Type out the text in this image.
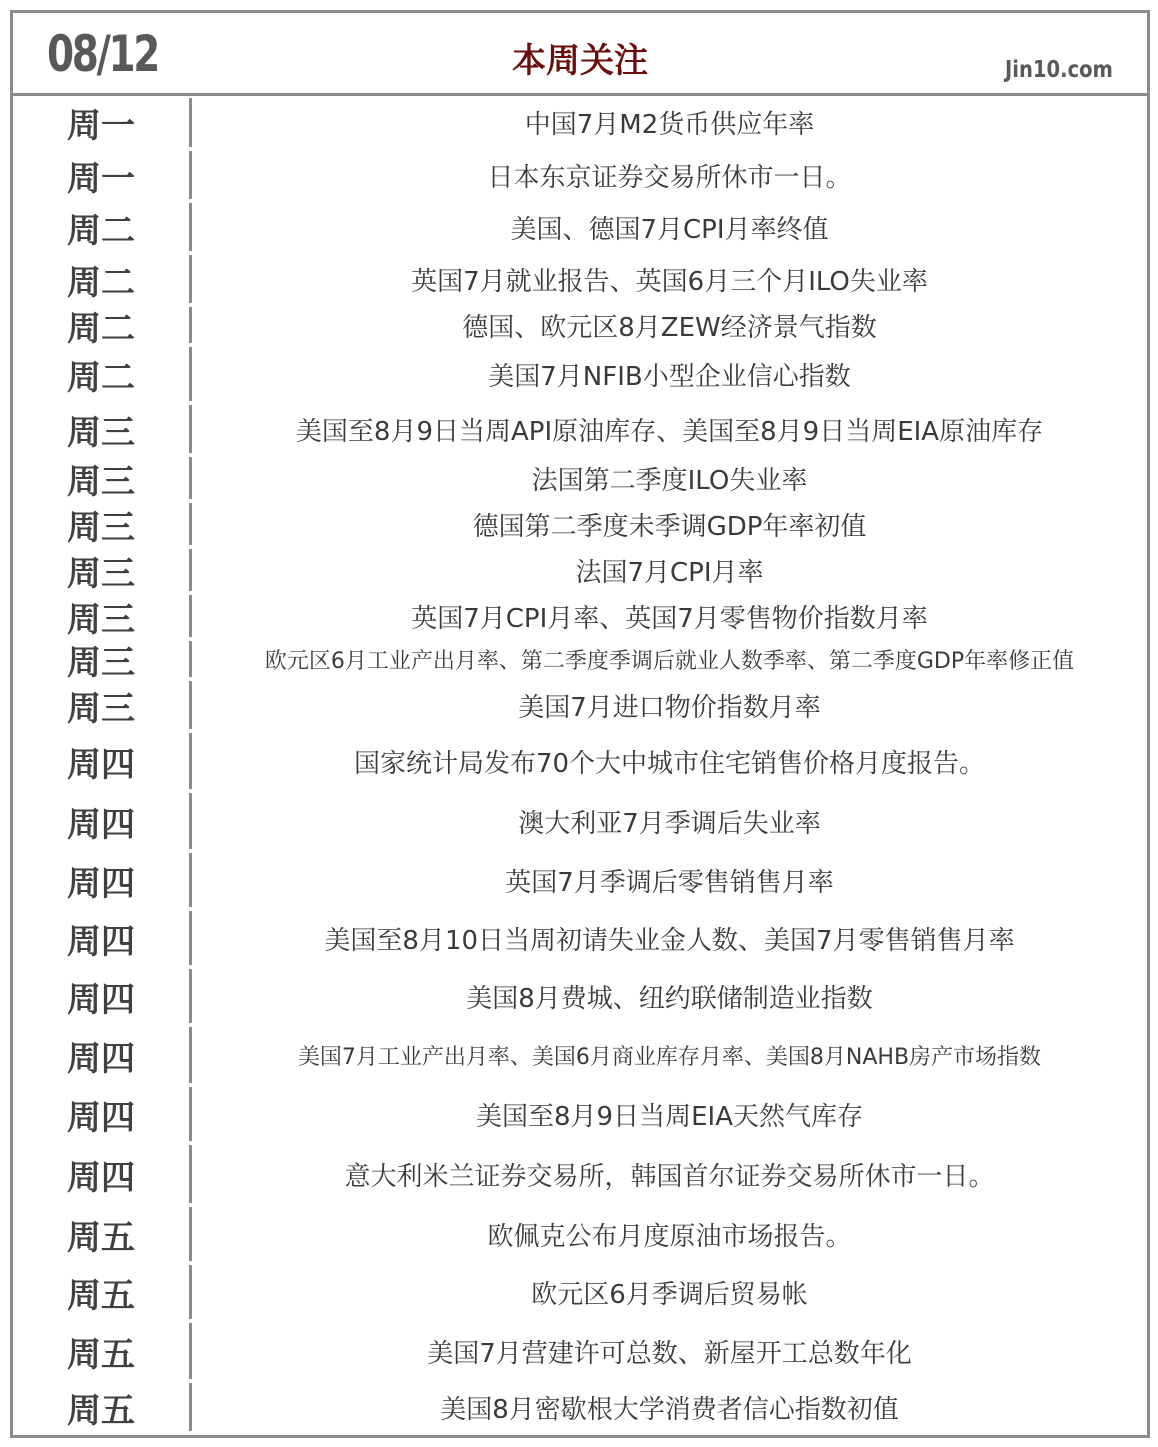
08/12	本周关注	Jin10.com
周一	中国7月M2货币供应年率
周一	日本东京证券交易所休市一日。
周二	美国、德国7月CPI月率终值
周二	英国7月就业报告、英国6月三个月ILO失业率
周二	德国、欧元区8月ZEW经济景气指数
周二	美国7月NFIB小型企业信心指数
周三	美国至8月9日当周API原油库存、美国至8月9日当周EIA原油库存
周三	法国第二季度ILO失业率
周三	德国第二季度未季调GDP年率初值
周三	法国7月CPI月率
周三	英国7月CPI月率、英国7月零售物价指数月率
周三	欧元区6月工业产出月率、第二季度季调后就业人数季率、第二季度GDP年率修正值
周三	美国7月进口物价指数月率
周四	国家统计局发布70个大中城市住宅销售价格月度报告。
周四	澳大利亚7月季调后失业率
周四	英国7月季调后零售销售月率
周四	美国至8月10日当周初请失业金人数、美国7月零售销售月率
周四	美国8月费城、纽约联储制造业指数
周四	美国7月工业产出月率、美国6月商业库存月率、美国8月NAHB房产市场指数
周四	美国至8月9日当周EIA天然气库存
周四	意大利米兰证券交易所，韩国首尔证券交易所休市一日。
周五	欧佩克公布月度原油市场报告。
周五	欧元区6月季调后贸易帐
周五	美国7月营建许可总数、新屋开工总数年化
周五	美国8月密歇根大学消费者信心指数初值
